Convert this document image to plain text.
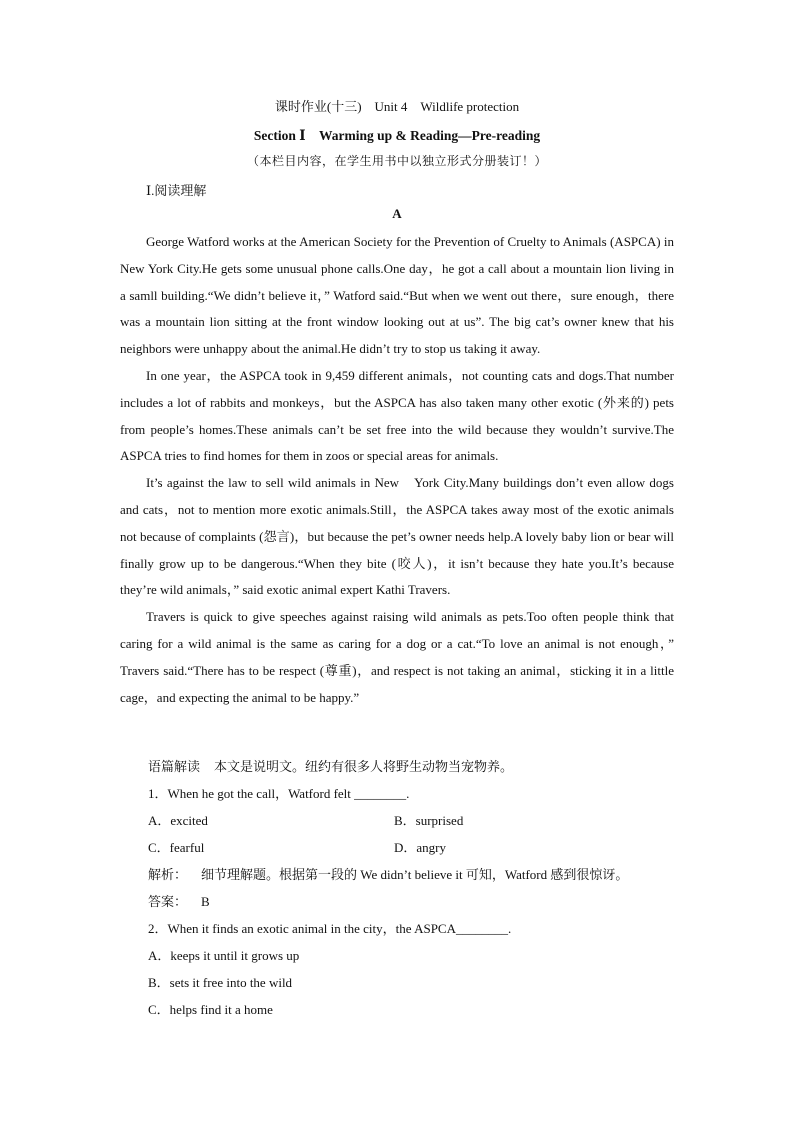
课时作业(十三)　Unit 4　Wildlife protection
Section Ⅰ　Warming up & Reading—Pre-reading
（本栏目内容，在学生用书中以独立形式分册装订！）
Ⅰ.阅读理解
A

George Watford works at the American Society for the Prevention of Cruelty to Animals (ASPCA) in New York City.He gets some unusual phone calls.One day，he got a call about a mountain lion living in　a samll building.“We didn’t believe it，” Watford said.“But when we went out there，sure enough，there was a mountain lion sitting at the front window looking out at us”. The big cat’s owner knew that his neighbors were unhappy about the animal.He didn’t try to stop us taking it away.

In one year，the ASPCA took in 9,459 different animals，not counting cats and dogs.That number includes a lot of rabbits and monkeys，but the ASPCA has also taken many other exotic (外来的) pets from people’s homes.These animals can’t be set free into the wild because they wouldn’t survive.The ASPCA tries to find homes for them in zoos or special areas for animals.

It’s against the law to sell wild animals in New　York City.Many buildings don’t even allow dogs and cats，not to mention more exotic animals.Still，the ASPCA takes away most of the exotic animals not because of complaints (怨言)，but because the pet’s owner needs help.A lovely baby lion or bear will finally grow up to be dangerous.“When they bite (咬人)，it isn’t because they hate you.It’s because they’re wild animals，” said exotic animal expert Kathi Travers.

Travers is quick to give speeches against raising wild animals as pets.Too often people think that caring for a wild animal is the same as caring for a dog or a cat.“To love an animal is not enough，” Travers said.“There has to be respect (尊重)，and respect is not taking an animal，sticking it in a little cage，and expecting the animal to be happy.”

语篇解读 本文是说明文。纽约有很多人将野生动物当宠物养。
1．When he got the call，Watford felt ________.
A．excited	B．surprised
C．fearful	D．angry
解析： 细节理解题。根据第一段的 We didn’t believe it 可知，Watford 感到很惊讶。
答案： B
2．When it finds an exotic animal in the city，the ASPCA________.
A．keeps it until it grows up
B．sets it free into the wild
C．helps find it a home
